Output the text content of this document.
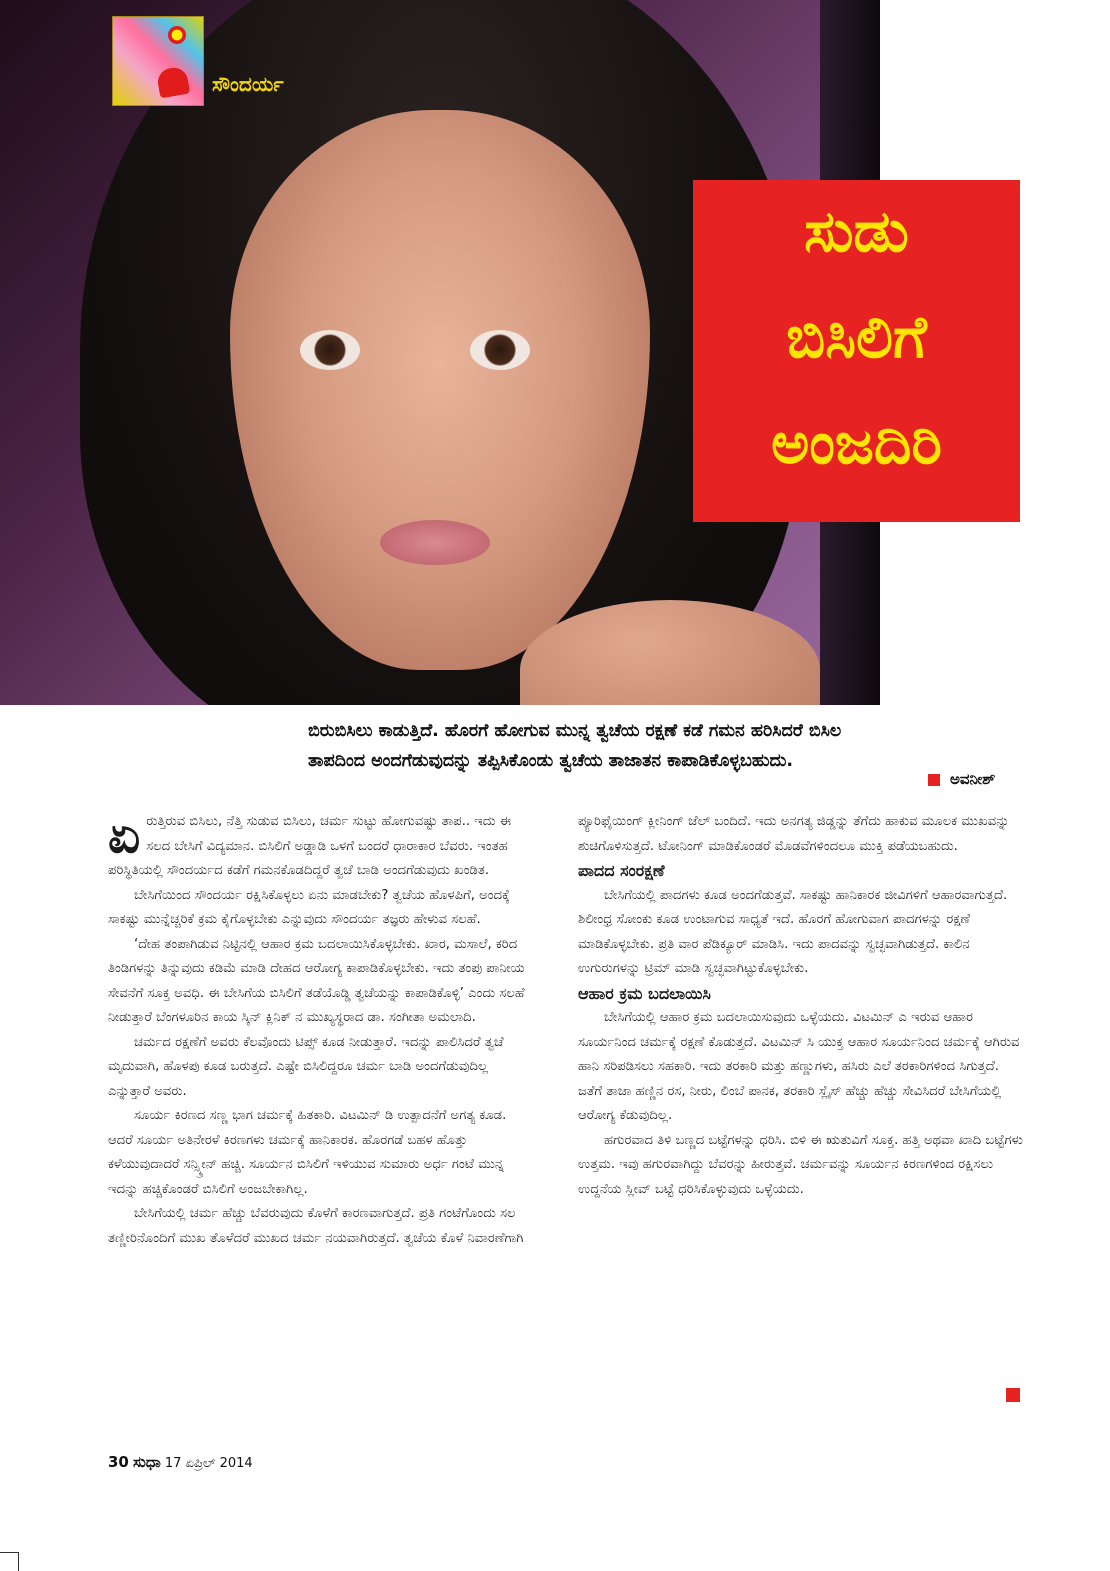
ಸೌಂದರ್ಯ
ಸುಡು
ಬಿಸಿಲಿಗೆ
ಅಂಜದಿರಿ
ಬಿರುಬಿಸಿಲು ಕಾಡುತ್ತಿದೆ. ಹೊರಗೆ ಹೋಗುವ ಮುನ್ನ ತ್ವಚೆಯ ರಕ್ಷಣೆ ಕಡೆ ಗಮನ ಹರಿಸಿದರೆ ಬಿಸಿಲ
ತಾಪದಿಂದ ಅಂದಗೆಡುವುದನ್ನು ತಪ್ಪಿಸಿಕೊಂಡು ತ್ವಚೆಯ ತಾಜಾತನ ಕಾಪಾಡಿಕೊಳ್ಳಬಹುದು.
ಅವನೀಶ್

ಏರುತ್ತಿರುವ ಬಿಸಿಲು, ನೆತ್ತಿ ಸುಡುವ ಬಿಸಿಲು, ಚರ್ಮ ಸುಟ್ಟು ಹೋಗುವಷ್ಟು ತಾಪ.. ಇದು ಈ ಸಲದ ಬೇಸಿಗೆ ವಿದ್ಯಮಾನ. ಬಿಸಿಲಿಗೆ ಅಡ್ಡಾಡಿ ಒಳಗೆ ಬಂದರೆ ಧಾರಾಕಾರ ಬೆವರು. ಇಂತಹ ಪರಿಸ್ಥಿತಿಯಲ್ಲಿ ಸೌಂದರ್ಯದ ಕಡೆಗೆ ಗಮನಕೊಡದಿದ್ದರೆ ತ್ವಚೆ ಬಾಡಿ ಅಂದಗೆಡುವುದು ಖಂಡಿತ.

ಬೇಸಿಗೆಯಿಂದ ಸೌಂದರ್ಯ ರಕ್ಷಿಸಿಕೊಳ್ಳಲು ಏನು ಮಾಡಬೇಕು? ತ್ವಚೆಯ ಹೊಳಪಿಗೆ, ಅಂದಕ್ಕೆ ಸಾಕಷ್ಟು ಮುನ್ನೆಚ್ಚರಿಕೆ ಕ್ರಮ ಕೈಗೊಳ್ಳಬೇಕು ಎನ್ನುವುದು ಸೌಂದರ್ಯ ತಜ್ಞರು ಹೇಳುವ ಸಲಹೆ.

‘ದೇಹ ತಂಪಾಗಿಡುವ ನಿಟ್ಟಿನಲ್ಲಿ ಆಹಾರ ಕ್ರಮ ಬದಲಾಯಿಸಿಕೊಳ್ಳಬೇಕು. ಖಾರ, ಮಸಾಲೆ, ಕರಿದ ತಿಂಡಿಗಳನ್ನು ತಿನ್ನುವುದು ಕಡಿಮೆ ಮಾಡಿ ದೇಹದ ಆರೋಗ್ಯ ಕಾಪಾಡಿಕೊಳ್ಳಬೇಕು. ಇದು ತಂಪು ಪಾನೀಯ ಸೇವನೆಗೆ ಸೂಕ್ತ ಅವಧಿ. ಈ ಬೇಸಿಗೆಯ ಬಿಸಿಲಿಗೆ ತಡೆಯೊಡ್ಡಿ ತ್ವಚೆಯನ್ನು ಕಾಪಾಡಿಕೊಳ್ಳಿ’ ಎಂದು ಸಲಹೆ ನೀಡುತ್ತಾರೆ ಬೆಂಗಳೂರಿನ ಕಾಯ ಸ್ಕಿನ್ ಕ್ಲಿನಿಕ್ ನ ಮುಖ್ಯಸ್ಥರಾದ ಡಾ. ಸಂಗೀತಾ ಅಮಲಾದಿ.

ಚರ್ಮದ ರಕ್ಷಣೆಗೆ ಅವರು ಕೆಲವೊಂದು ಟಿಪ್ಸ್ ಕೂಡ ನೀಡುತ್ತಾರೆ. ಇದನ್ನು ಪಾಲಿಸಿದರೆ ತ್ವಚೆ ಮೃದುವಾಗಿ, ಹೊಳಪು ಕೂಡ ಬರುತ್ತದೆ. ಎಷ್ಟೇ ಬಿಸಿಲಿದ್ದರೂ ಚರ್ಮ ಬಾಡಿ ಅಂದಗೆಡುವುದಿಲ್ಲ ಎನ್ನುತ್ತಾರೆ ಅವರು.

ಸೂರ್ಯ ಕಿರಣದ ಸಣ್ಣ ಭಾಗ ಚರ್ಮಕ್ಕೆ ಹಿತಕಾರಿ. ವಿಟಮಿನ್ ಡಿ ಉತ್ಪಾದನೆಗೆ ಅಗತ್ಯ ಕೂಡ. ಆದರೆ ಸೂರ್ಯ ಅತಿನೇರಳೆ ಕಿರಣಗಳು ಚರ್ಮಕ್ಕೆ ಹಾನಿಕಾರಕ. ಹೊರಗಡೆ ಬಹಳ ಹೊತ್ತು ಕಳೆಯುವುದಾದರೆ ಸನ್ಸ್ಕ್ರೀನ್ ಹಚ್ಚಿ. ಸೂರ್ಯನ ಬಿಸಿಲಿಗೆ ಇಳಿಯುವ ಸುಮಾರು ಅರ್ಧ ಗಂಟೆ ಮುನ್ನ ಇದನ್ನು ಹಚ್ಚಿಕೊಂಡರೆ ಬಿಸಿಲಿಗೆ ಅಂಜಬೇಕಾಗಿಲ್ಲ.

ಬೇಸಿಗೆಯಲ್ಲಿ ಚರ್ಮ ಹೆಚ್ಚು ಬೆವರುವುದು ಕೊಳೆಗೆ ಕಾರಣವಾಗುತ್ತದೆ. ಪ್ರತಿ ಗಂಟೆಗೊಂದು ಸಲ ತಣ್ಣೀರಿನೊಂದಿಗೆ ಮುಖ ತೊಳೆದರೆ ಮುಖದ ಚರ್ಮ ನಯವಾಗಿರುತ್ತದೆ. ತ್ವಚೆಯ ಕೊಳೆ ನಿವಾರಣೆಗಾಗಿ

ಪ್ಯೂರಿಫೈಯಿಂಗ್ ಕ್ಲೀನಿಂಗ್ ಜೆಲ್ ಬಂದಿದೆ. ಇದು ಅನಗತ್ಯ ಜಿಡ್ಡನ್ನು ತೆಗೆದು ಹಾಕುವ ಮೂಲಕ ಮುಖವನ್ನು ಶುಚಿಗೊಳಿಸುತ್ತದೆ. ಟೋನಿಂಗ್ ಮಾಡಿಕೊಂಡರೆ ಮೊಡವೆಗಳಿಂದಲೂ ಮುಕ್ತಿ ಪಡೆಯಬಹುದು.

ಪಾದದ ಸಂರಕ್ಷಣೆ

ಬೇಸಿಗೆಯಲ್ಲಿ ಪಾದಗಳು ಕೂಡ ಅಂದಗೆಡುತ್ತವೆ. ಸಾಕಷ್ಟು ಹಾನಿಕಾರಕ ಜೀವಿಗಳಿಗೆ ಆಹಾರವಾಗುತ್ತದೆ. ಶಿಲೀಂಧ್ರ ಸೋಂಕು ಕೂಡ ಉಂಟಾಗುವ ಸಾಧ್ಯತೆ ಇದೆ. ಹೊರಗೆ ಹೋಗುವಾಗ ಪಾದಗಳನ್ನು ರಕ್ಷಣೆ ಮಾಡಿಕೊಳ್ಳಬೇಕು. ಪ್ರತಿ ವಾರ ಪೆಡಿಕ್ಯೂರ್ ಮಾಡಿಸಿ. ಇದು ಪಾದವನ್ನು ಸ್ವಚ್ಛವಾಗಿಡುತ್ತದೆ. ಕಾಲಿನ ಉಗುರುಗಳನ್ನು ಟ್ರಿಮ್ ಮಾಡಿ ಸ್ವಚ್ಛವಾಗಿಟ್ಟುಕೊಳ್ಳಬೇಕು.

ಆಹಾರ ಕ್ರಮ ಬದಲಾಯಿಸಿ

ಬೇಸಿಗೆಯಲ್ಲಿ ಆಹಾರ ಕ್ರಮ ಬದಲಾಯಿಸುವುದು ಒಳ್ಳೆಯದು. ವಿಟಮಿನ್ ಎ ಇರುವ ಆಹಾರ ಸೂರ್ಯನಿಂದ ಚರ್ಮಕ್ಕೆ ರಕ್ಷಣೆ ಕೊಡುತ್ತದೆ. ವಿಟಮಿನ್ ಸಿ ಯುಕ್ತ ಆಹಾರ ಸೂರ್ಯನಿಂದ ಚರ್ಮಕ್ಕೆ ಆಗಿರುವ ಹಾನಿ ಸರಿಪಡಿಸಲು ಸಹಕಾರಿ. ಇದು ತರಕಾರಿ ಮತ್ತು ಹಣ್ಣುಗಳು, ಹಸಿರು ಎಲೆ ತರಕಾರಿಗಳಿಂದ ಸಿಗುತ್ತದೆ. ಜತೆಗೆ ತಾಜಾ ಹಣ್ಣಿನ ರಸ, ನೀರು, ಲಿಂಬೆ ಪಾನಕ, ತರಕಾರಿ ಸ್ಲೈಸ್ ಹೆಚ್ಚು ಹೆಚ್ಚು ಸೇವಿಸಿದರೆ ಬೇಸಿಗೆಯಲ್ಲಿ ಆರೋಗ್ಯ ಕೆಡುವುದಿಲ್ಲ.

ಹಗುರವಾದ ತಿಳಿ ಬಣ್ಣದ ಬಟ್ಟೆಗಳನ್ನು ಧರಿಸಿ. ಬಿಳಿ ಈ ಋತುವಿಗೆ ಸೂಕ್ತ. ಹತ್ತಿ ಅಥವಾ ಖಾದಿ ಬಟ್ಟೆಗಳು ಉತ್ತಮ. ಇವು ಹಗುರವಾಗಿದ್ದು ಬೆವರನ್ನು ಹೀರುತ್ತವೆ. ಚರ್ಮವನ್ನು ಸೂರ್ಯನ ಕಿರಣಗಳಿಂದ ರಕ್ಷಿಸಲು ಉದ್ದನೆಯ ಸ್ಲೀವ್ ಬಟ್ಟೆ ಧರಿಸಿಕೊಳ್ಳುವುದು ಒಳ್ಳೆಯದು.

30 ಸುಧಾ 17 ಏಪ್ರಿಲ್ 2014
